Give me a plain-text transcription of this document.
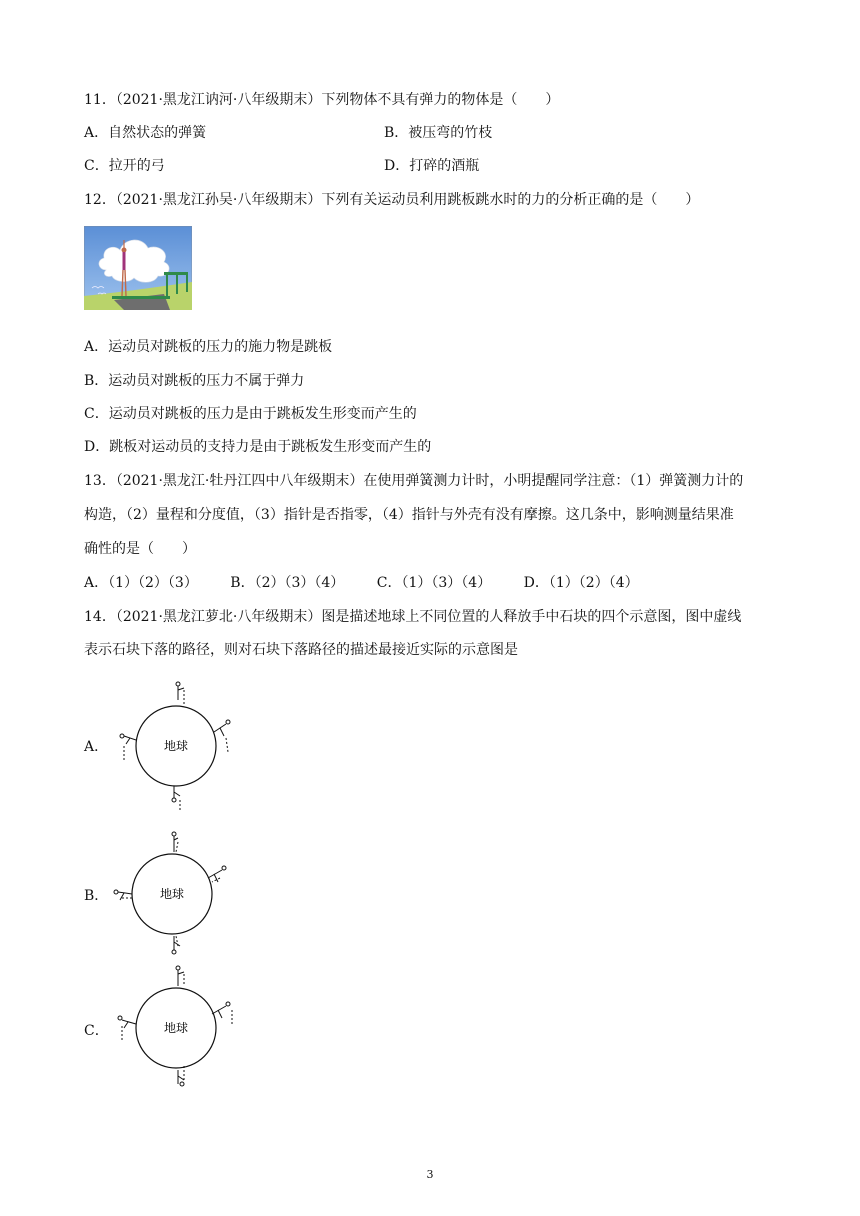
11．（2021·黑龙江讷河·八年级期末）下列物体不具有弹力的物体是（　　）
A．自然状态的弹簧	B．被压弯的竹枝
C．拉开的弓	D．打碎的酒瓶
12．（2021·黑龙江孙吴·八年级期末）下列有关运动员利用跳板跳水时的力的分析正确的是（　　）
A．运动员对跳板的压力的施力物是跳板
B．运动员对跳板的压力不属于弹力
C．运动员对跳板的压力是由于跳板发生形变而产生的
D．跳板对运动员的支持力是由于跳板发生形变而产生的
13．（2021·黑龙江·牡丹江四中八年级期末）在使用弹簧测力计时，小明提醒同学注意：（1）弹簧测力计的
构造，（2）量程和分度值，（3）指针是否指零，（4）指针与外壳有没有摩擦。这几条中，影响测量结果准
确性的是（　　）
A．（1）（2）（3） B．（2）（3）（4） C．（1）（3）（4） D．（1）（2）（4）
14．（2021·黑龙江萝北·八年级期末）图是描述地球上不同位置的人释放手中石块的四个示意图，图中虚线
表示石块下落的路径，则对石块下落路径的描述最接近实际的示意图是
A．	地球
B．	地球
C．	地球
3
